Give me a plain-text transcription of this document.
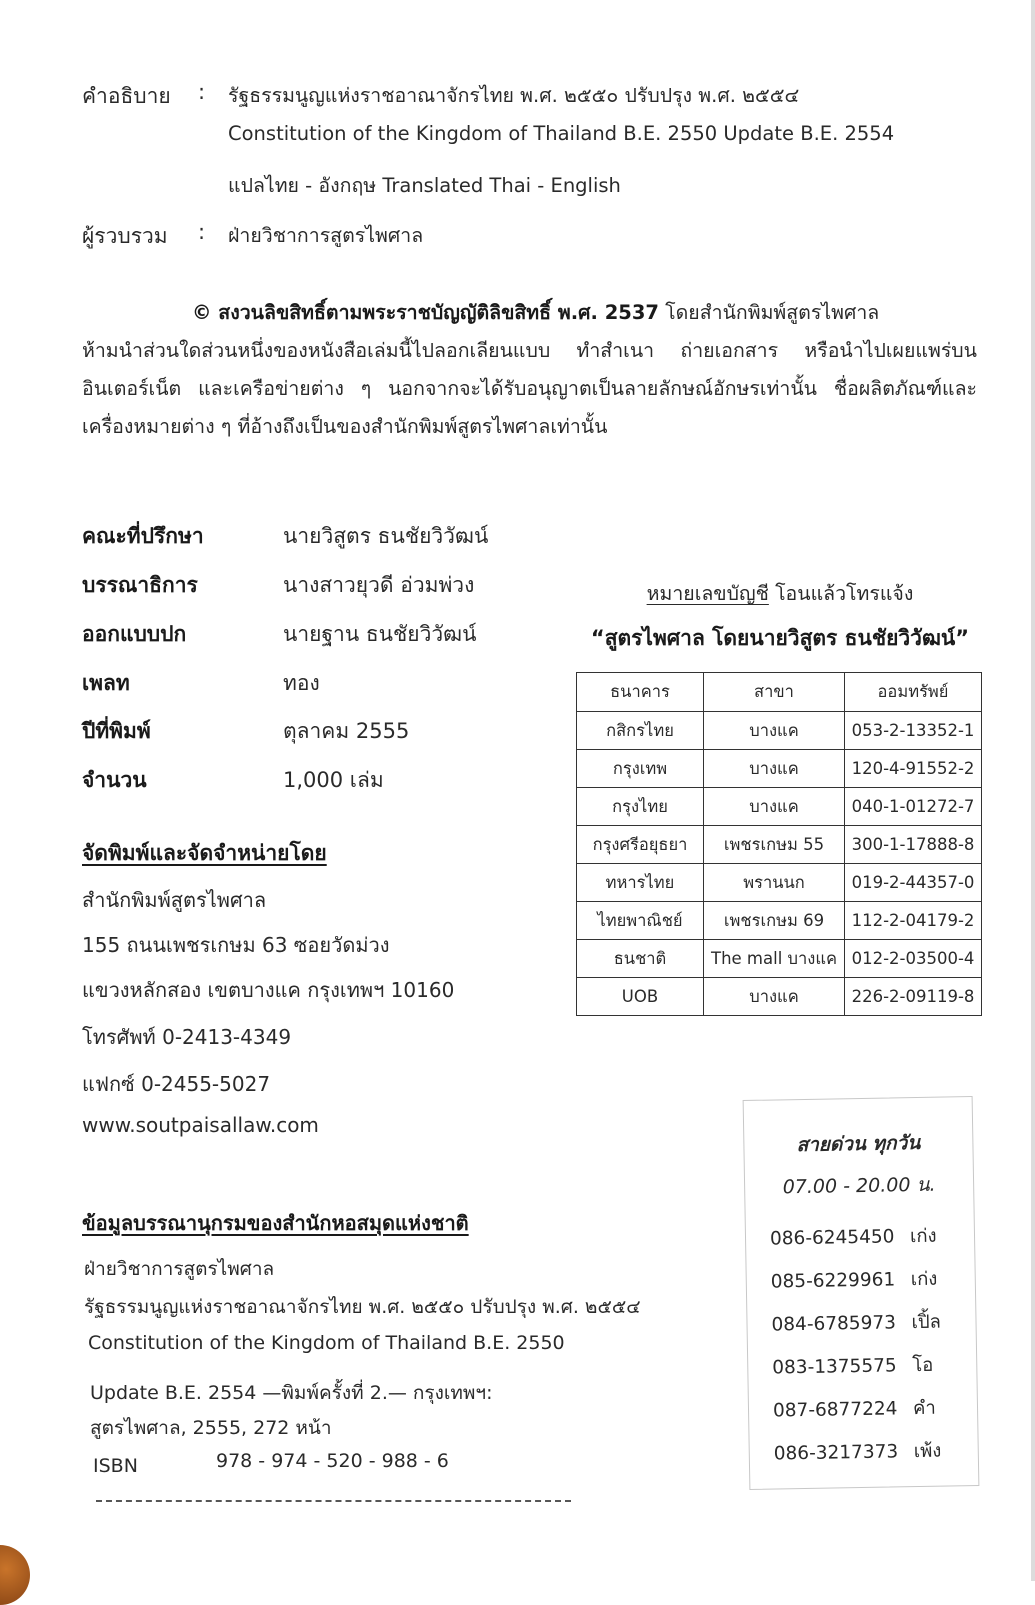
คำอธิบาย : รัฐธรรมนูญแห่งราชอาณาจักรไทย พ.ศ. ๒๕๕๐ ปรับปรุง พ.ศ. ๒๕๕๔
Constitution of the Kingdom of Thailand B.E. 2550 Update B.E. 2554
แปลไทย - อังกฤษ Translated Thai - English
ผู้รวบรวม : ฝ่ายวิชาการสูตรไพศาล
© สงวนลิขสิทธิ์ตามพระราชบัญญัติลิขสิทธิ์ พ.ศ. 2537 โดยสำนักพิมพ์สูตรไพศาล
ห้ามนำส่วนใดส่วนหนึ่งของหนังสือเล่มนี้ไปลอกเลียนแบบ ทำสำเนา ถ่ายเอกสาร หรือนำไปเผยแพร่บนอินเตอร์เน็ต และเครือข่ายต่าง ๆ นอกจากจะได้รับอนุญาตเป็นลายลักษณ์อักษรเท่านั้น ชื่อผลิตภัณฑ์และเครื่องหมายต่าง ๆ ที่อ้างถึงเป็นของสำนักพิมพ์สูตรไพศาลเท่านั้น
คณะที่ปรึกษา	นายวิสูตร ธนชัยวิวัฒน์
บรรณาธิการ	นางสาวยุวดี อ่วมพ่วง
ออกแบบปก	นายฐาน ธนชัยวิวัฒน์
เพลท	ทอง
ปีที่พิมพ์	ตุลาคม 2555
จำนวน	1,000 เล่ม
หมายเลขบัญชี โอนแล้วโทรแจ้ง
“สูตรไพศาล โดยนายวิสูตร ธนชัยวิวัฒน์”
ธนาคาร	สาขา	ออมทรัพย์
กสิกรไทย	บางแค	053-2-13352-1
กรุงเทพ	บางแค	120-4-91552-2
กรุงไทย	บางแค	040-1-01272-7
กรุงศรีอยุธยา	เพชรเกษม 55	300-1-17888-8
ทหารไทย	พรานนก	019-2-44357-0
ไทยพาณิชย์	เพชรเกษม 69	112-2-04179-2
ธนชาติ	The mall บางแค	012-2-03500-4
UOB	บางแค	226-2-09119-8
จัดพิมพ์และจัดจำหน่ายโดย
สำนักพิมพ์สูตรไพศาล
155 ถนนเพชรเกษม 63 ซอยวัดม่วง
แขวงหลักสอง เขตบางแค กรุงเทพฯ 10160
โทรศัพท์ 0-2413-4349
แฟกซ์ 0-2455-5027
www.soutpaisallaw.com
สายด่วน ทุกวัน
07.00 - 20.00 น.
086-6245450 เก่ง
085-6229961 เก่ง
084-6785973 เปิ้ล
083-1375575 โอ
087-6877224 คำ
086-3217373 เพ้ง
ข้อมูลบรรณานุกรมของสำนักหอสมุดแห่งชาติ
ฝ่ายวิชาการสูตรไพศาล
รัฐธรรมนูญแห่งราชอาณาจักรไทย พ.ศ. ๒๕๕๐ ปรับปรุง พ.ศ. ๒๕๕๔
Constitution of the Kingdom of Thailand B.E. 2550
Update B.E. 2554 —พิมพ์ครั้งที่ 2.— กรุงเทพฯ:
สูตรไพศาล, 2555, 272 หน้า
ISBN	978 - 974 - 520 - 988 - 6
